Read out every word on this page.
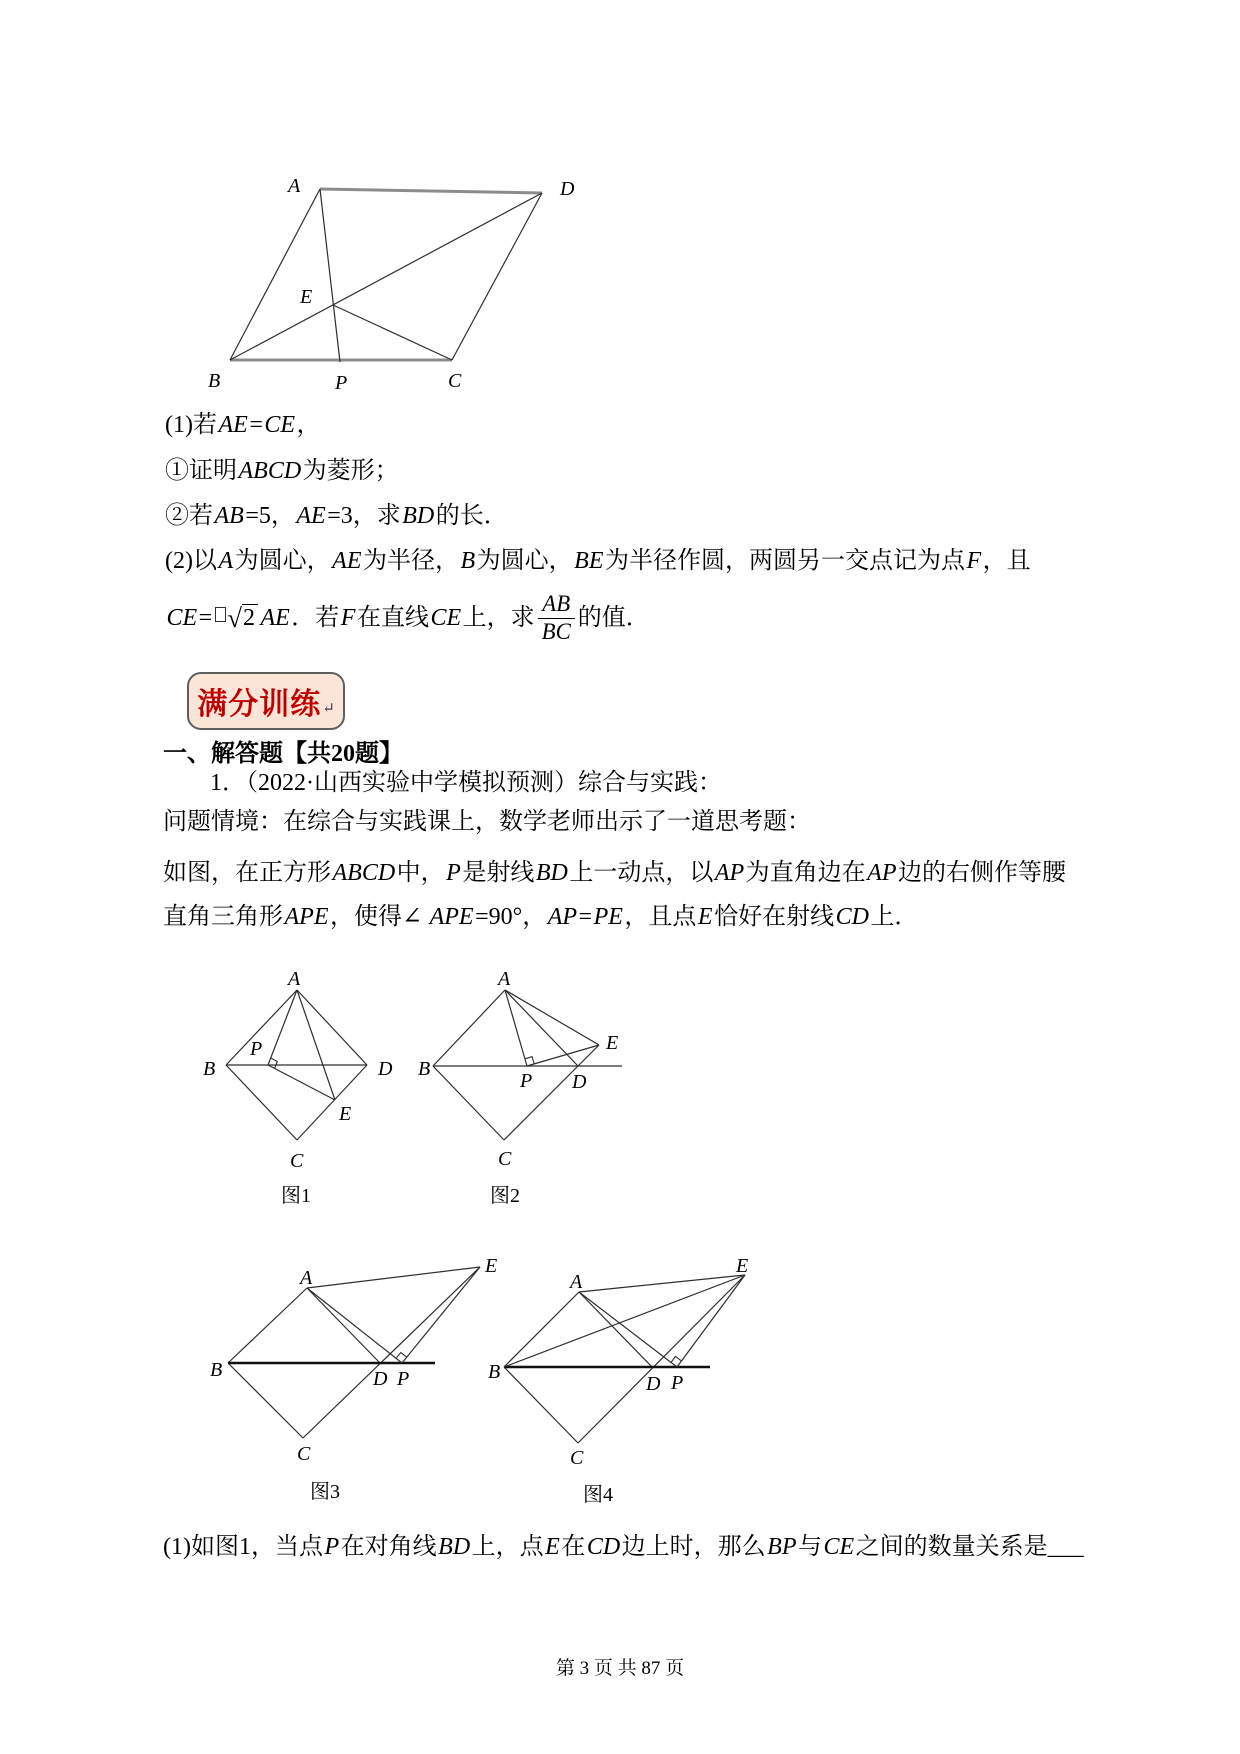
A	D
E
B	P	C
(1)若AE=CE，
①证明ABCD为菱形；
②若AB=5，AE=3，求BD的长．
(2)以A为圆心，AE为半径，B为圆心，BE为半径作圆，两圆另一交点记为点F，且
CE = √ 2 AE ．若 F 在直线 CE 上，求 $\frac{AB}{BC}$ 的值．
满分训练 ↵
一、解答题【共20题】
1．（2022·山西实验中学模拟预测）综合与实践：
问题情境：在综合与实践课上，数学老师出示了一道思考题：
如图，在正方形ABCD中，P是射线BD上一动点，以AP为直角边在AP边的右侧作等腰
直角三角形APE，使得∠ APE=90°，AP=PE，且点E恰好在射线CD上．
A
B	D
C
P
E
图1
A
B
P D
C
E
图2
A
B
C
D P
E
图3
A
B
C
D P
E
图4
(1)如图1，当点P在对角线BD上，点E在CD边上时，那么BP与CE之间的数量关系是___
第 3 页 共 87 页
